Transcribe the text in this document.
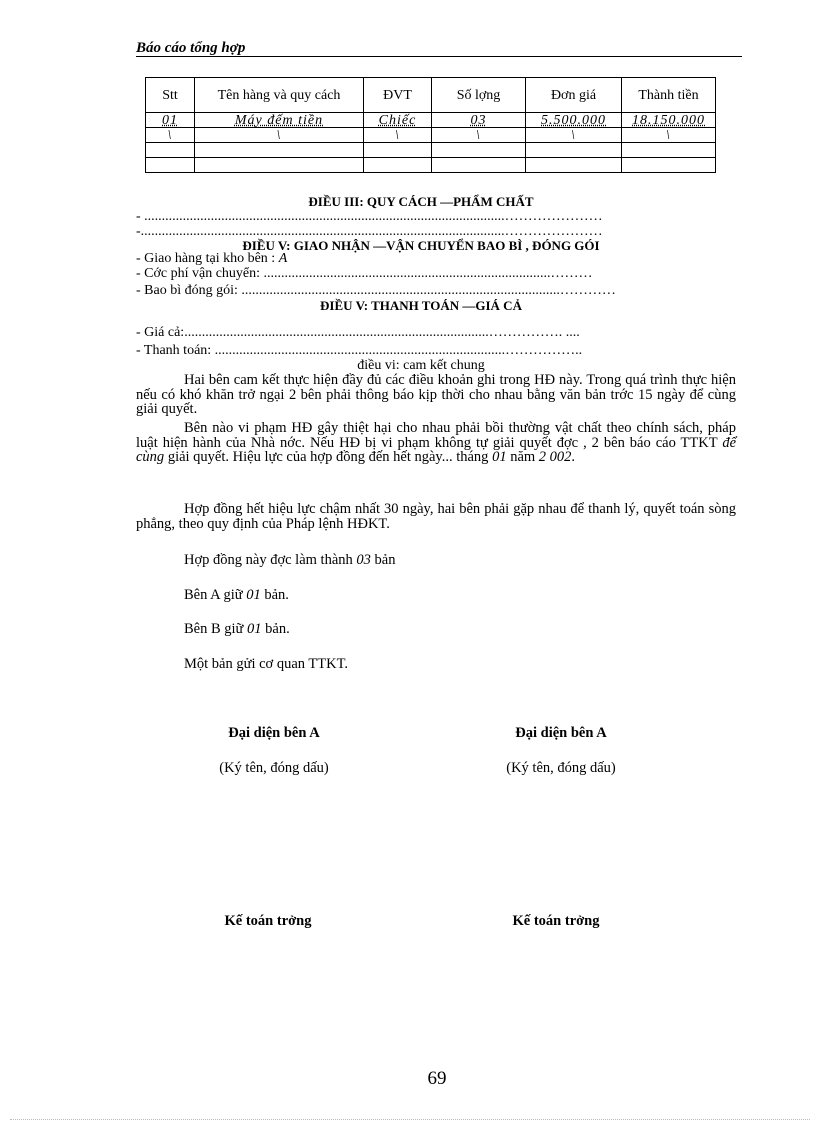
Báo cáo tổng hợp
Stt	Tên hàng và quy cách	ĐVT	Số lợng	Đơn giá	Thành tiền
01	Máy đếm tiền	Chiếc	03	5.500.000	18.150.000
\	\	\	\	\	\

ĐIỀU III: QUY CÁCH —PHẨM CHẤT
- .......................................................................................................…………………
-........................................................................................................…………………
ĐIỀU V: GIAO NHẬN —VẬN CHUYỂN BAO BÌ , ĐÓNG GÓI
- Giao hàng tại kho bên : A
- Cớc phí vận chuyển: ..................................................................................………
- Bao bì đóng gói: ...........................................................................................…………
ĐIỀU V: THANH TOÁN —GIÁ CẢ
- Giá cả:.......................................................................................……………. ....
- Thanh toán: ...................................................................................……………..
điều vi: cam kết chung
Hai bên cam kết thực hiện đầy đủ các điều khoản ghi trong HĐ này. Trong quá trình thực hiện nếu có khó khăn trở ngại 2 bên phải thông báo kịp thời cho nhau bằng văn bản trớc 15 ngày để cùng giải quyết.
Bên nào vi phạm HĐ gây thiệt hại cho nhau phải bồi thường vật chất theo chính sách, pháp luật hiện hành của Nhà nớc. Nếu HĐ bị vi phạm không tự giải quyết đợc , 2 bên báo cáo TTKT để cùng giải quyết. Hiệu lực của hợp đồng đến hết ngày... tháng 01 năm 2 002.
Hợp đồng hết hiệu lực chậm nhất 30 ngày, hai bên phải gặp nhau để thanh lý, quyết toán sòng phẳng, theo quy định của Pháp lệnh HĐKT.
Hợp đồng này đợc làm thành 03 bản
Bên A giữ 01 bản.
Bên B giữ 01 bản.
Một bản gửi cơ quan TTKT.
Đại diện bên A
(Ký tên, đóng dấu)
Đại diện bên A
(Ký tên, đóng dấu)
Kế toán trởng	Kế toán trởng
69
